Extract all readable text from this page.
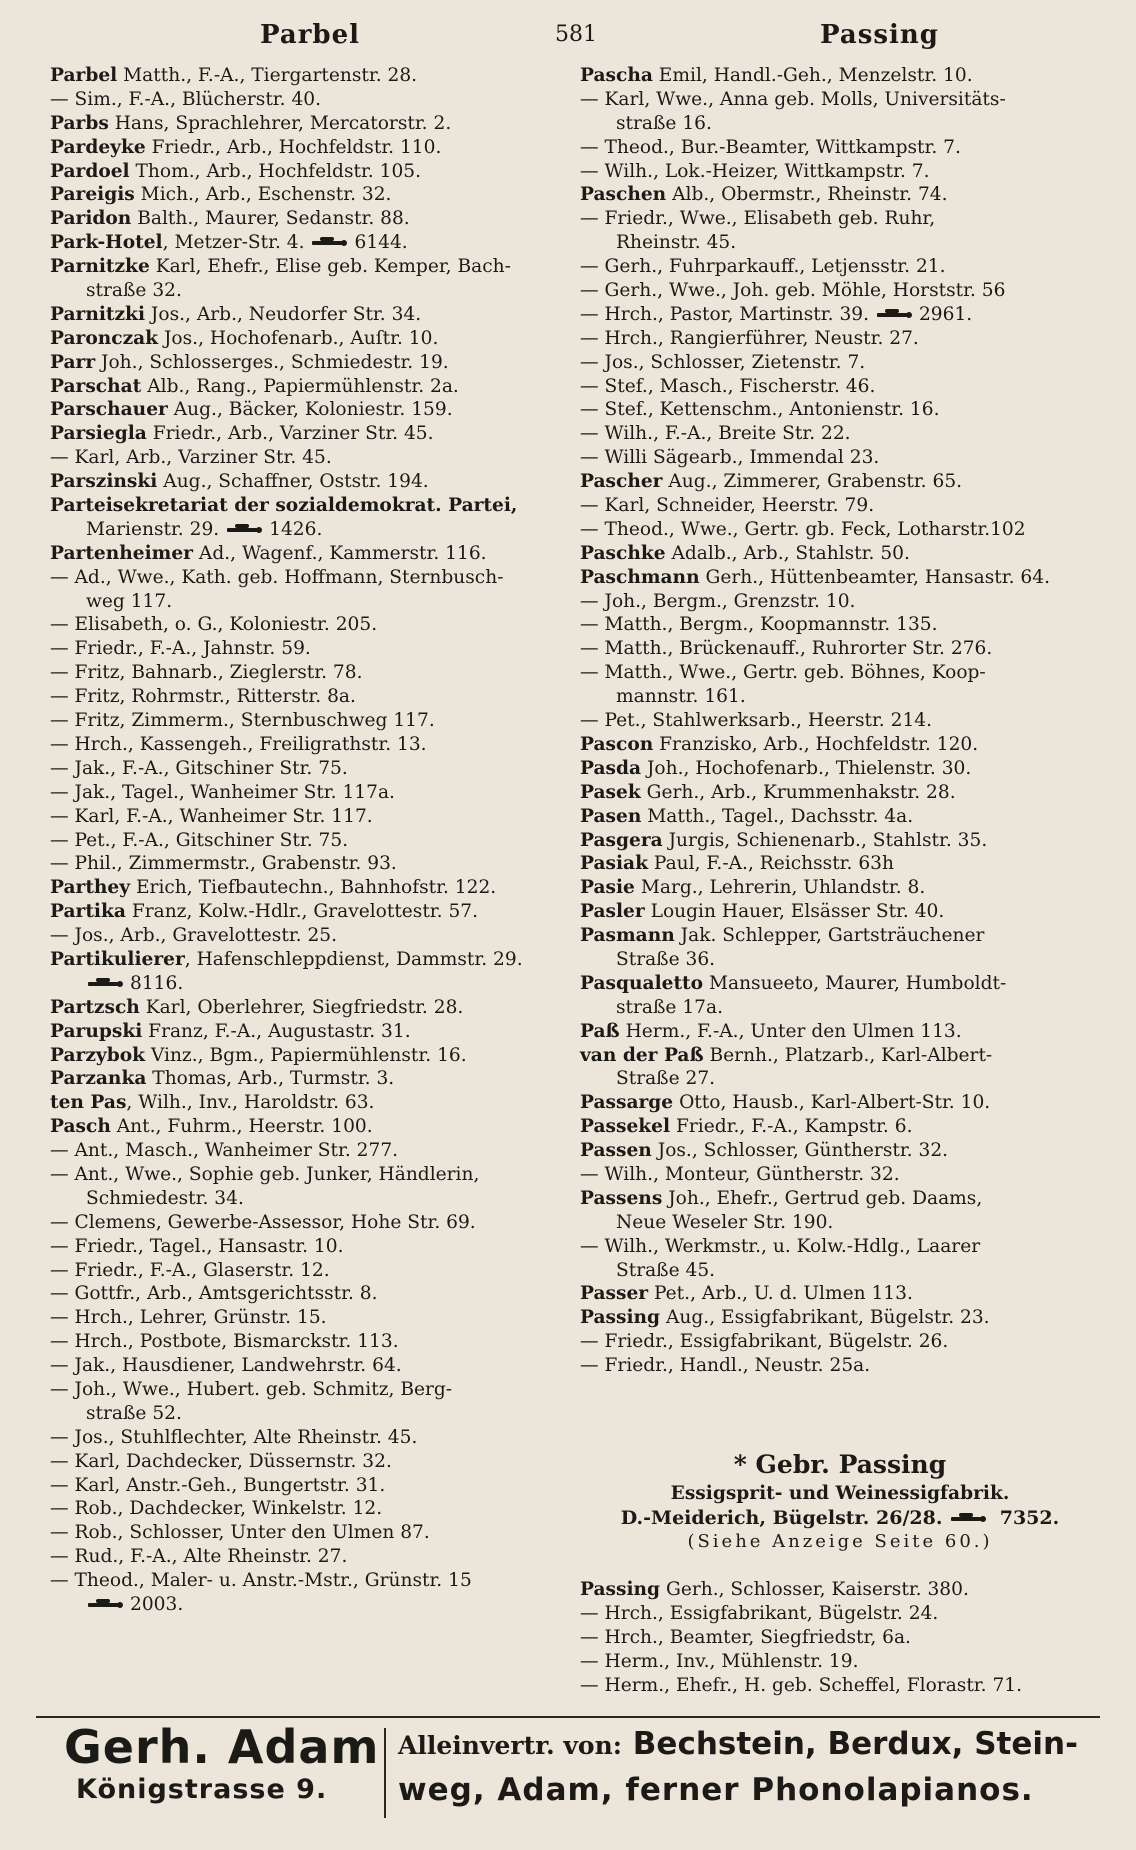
Parbel	581	Passing
Parbel Matth., F.-A., Tiergartenstr. 28.
— Sim., F.-A., Blücherstr. 40.
Parbs Hans, Sprachlehrer, Mercatorstr. 2.
Pardeyke Friedr., Arb., Hochfeldstr. 110.
Pardoel Thom., Arb., Hochfeldstr. 105.
Pareigis Mich., Arb., Eschenstr. 32.
Paridon Balth., Maurer, Sedanstr. 88.
Park-Hotel, Metzer-Str. 4.	6144.
Parnitzke Karl, Ehefr., Elise geb. Kemper, Bach-
straße 32.
Parnitzki Jos., Arb., Neudorfer Str. 34.
Paronczak Jos., Hochofenarb., Auſtr. 10.
Parr Joh., Schlosserges., Schmiedestr. 19.
Parschat Alb., Rang., Papiermühlenstr. 2a.
Parschauer Aug., Bäcker, Koloniestr. 159.
Parsiegla Friedr., Arb., Varziner Str. 45.
— Karl, Arb., Varziner Str. 45.
Parszinski Aug., Schaffner, Oststr. 194.
Parteisekretariat der sozialdemokrat. Partei,
Marienstr. 29.	1426.
Partenheimer Ad., Wagenf., Kammerstr. 116.
— Ad., Wwe., Kath. geb. Hoffmann, Sternbusch-
weg 117.
— Elisabeth, o. G., Koloniestr. 205.
— Friedr., F.-A., Jahnstr. 59.
— Fritz, Bahnarb., Zieglerstr. 78.
— Fritz, Rohrmstr., Ritterstr. 8a.
— Fritz, Zimmerm., Sternbuschweg 117.
— Hrch., Kassengeh., Freiligrathstr. 13.
— Jak., F.-A., Gitschiner Str. 75.
— Jak., Tagel., Wanheimer Str. 117a.
— Karl, F.-A., Wanheimer Str. 117.
— Pet., F.-A., Gitschiner Str. 75.
— Phil., Zimmermstr., Grabenstr. 93.
Parthey Erich, Tiefbautechn., Bahnhofstr. 122.
Partika Franz, Kolw.-Hdlr., Gravelottestr. 57.
— Jos., Arb., Gravelottestr. 25.
Partikulierer, Hafenschleppdienst, Dammstr. 29.
8116.
Partzsch Karl, Oberlehrer, Siegfriedstr. 28.
Parupski Franz, F.-A., Augustastr. 31.
Parzybok Vinz., Bgm., Papiermühlenstr. 16.
Parzanka Thomas, Arb., Turmstr. 3.
ten Pas, Wilh., Inv., Haroldstr. 63.
Pasch Ant., Fuhrm., Heerstr. 100.
— Ant., Masch., Wanheimer Str. 277.
— Ant., Wwe., Sophie geb. Junker, Händlerin,
Schmiedestr. 34.
— Clemens, Gewerbe-Assessor, Hohe Str. 69.
— Friedr., Tagel., Hansastr. 10.
— Friedr., F.-A., Glaserstr. 12.
— Gottfr., Arb., Amtsgerichtsstr. 8.
— Hrch., Lehrer, Grünstr. 15.
— Hrch., Postbote, Bismarckstr. 113.
— Jak., Hausdiener, Landwehrstr. 64.
— Joh., Wwe., Hubert. geb. Schmitz, Berg-
straße 52.
— Jos., Stuhlflechter, Alte Rheinstr. 45.
— Karl, Dachdecker, Düssernstr. 32.
— Karl, Anstr.-Geh., Bungertstr. 31.
— Rob., Dachdecker, Winkelstr. 12.
— Rob., Schlosser, Unter den Ulmen 87.
— Rud., F.-A., Alte Rheinstr. 27.
— Theod., Maler- u. Anstr.-Mstr., Grünstr. 15
2003.
Pascha Emil, Handl.-Geh., Menzelstr. 10.
— Karl, Wwe., Anna geb. Molls, Universitäts-
straße 16.
— Theod., Bur.-Beamter, Wittkampstr. 7.
— Wilh., Lok.-Heizer, Wittkampstr. 7.
Paschen Alb., Obermstr., Rheinstr. 74.
— Friedr., Wwe., Elisabeth geb. Ruhr,
Rheinstr. 45.
— Gerh., Fuhrparkauff., Letjensstr. 21.
— Gerh., Wwe., Joh. geb. Möhle, Horststr. 56
— Hrch., Pastor, Martinstr. 39.	2961.
— Hrch., Rangierführer, Neustr. 27.
— Jos., Schlosser, Zietenstr. 7.
— Stef., Masch., Fischerstr. 46.
— Stef., Kettenschm., Antonienstr. 16.
— Wilh., F.-A., Breite Str. 22.
— Willi Sägearb., Immendal 23.
Pascher Aug., Zimmerer, Grabenstr. 65.
— Karl, Schneider, Heerstr. 79.
— Theod., Wwe., Gertr. gb. Feck, Lotharstr.102
Paschke Adalb., Arb., Stahlstr. 50.
Paschmann Gerh., Hüttenbeamter, Hansastr. 64.
— Joh., Bergm., Grenzstr. 10.
— Matth., Bergm., Koopmannstr. 135.
— Matth., Brückenauff., Ruhrorter Str. 276.
— Matth., Wwe., Gertr. geb. Böhnes, Koop-
mannstr. 161.
— Pet., Stahlwerksarb., Heerstr. 214.
Pascon Franzisko, Arb., Hochfeldstr. 120.
Pasda Joh., Hochofenarb., Thielenstr. 30.
Pasek Gerh., Arb., Krummenhakstr. 28.
Pasen Matth., Tagel., Dachsstr. 4a.
Pasgera Jurgis, Schienenarb., Stahlstr. 35.
Pasiak Paul, F.-A., Reichsstr. 63h
Pasie Marg., Lehrerin, Uhlandstr. 8.
Pasler Lougin Hauer, Elsässer Str. 40.
Pasmann Jak. Schlepper, Gartsträuchener
Straße 36.
Pasqualetto Mansueeto, Maurer, Humboldt-
straße 17a.
Paß Herm., F.-A., Unter den Ulmen 113.
van der Paß Bernh., Platzarb., Karl-Albert-
Straße 27.
Passarge Otto, Hausb., Karl-Albert-Str. 10.
Passekel Friedr., F.-A., Kampstr. 6.
Passen Jos., Schlosser, Güntherstr. 32.
— Wilh., Monteur, Güntherstr. 32.
Passens Joh., Ehefr., Gertrud geb. Daams,
Neue Weseler Str. 190.
— Wilh., Werkmstr., u. Kolw.-Hdlg., Laarer
Straße 45.
Passer Pet., Arb., U. d. Ulmen 113.
Passing Aug., Essigfabrikant, Bügelstr. 23.
— Friedr., Essigfabrikant, Bügelstr. 26.
— Friedr., Handl., Neustr. 25a.
* Gebr. Passing
Essigsprit- und Weinessigfabrik.
D.-Meiderich, Bügelstr. 26/28.	7352.
(Siehe Anzeige Seite 60.)
Passing Gerh., Schlosser, Kaiserstr. 380.
— Hrch., Essigfabrikant, Bügelstr. 24.
— Hrch., Beamter, Siegfriedstr, 6a.
— Herm., Inv., Mühlenstr. 19.
— Herm., Ehefr., H. geb. Scheffel, Florastr. 71.
Gerh. Adam
Königstrasse 9.
Alleinvertr. von: Bechstein, Berdux, Stein-
weg, Adam, ferner Phonolapianos.
